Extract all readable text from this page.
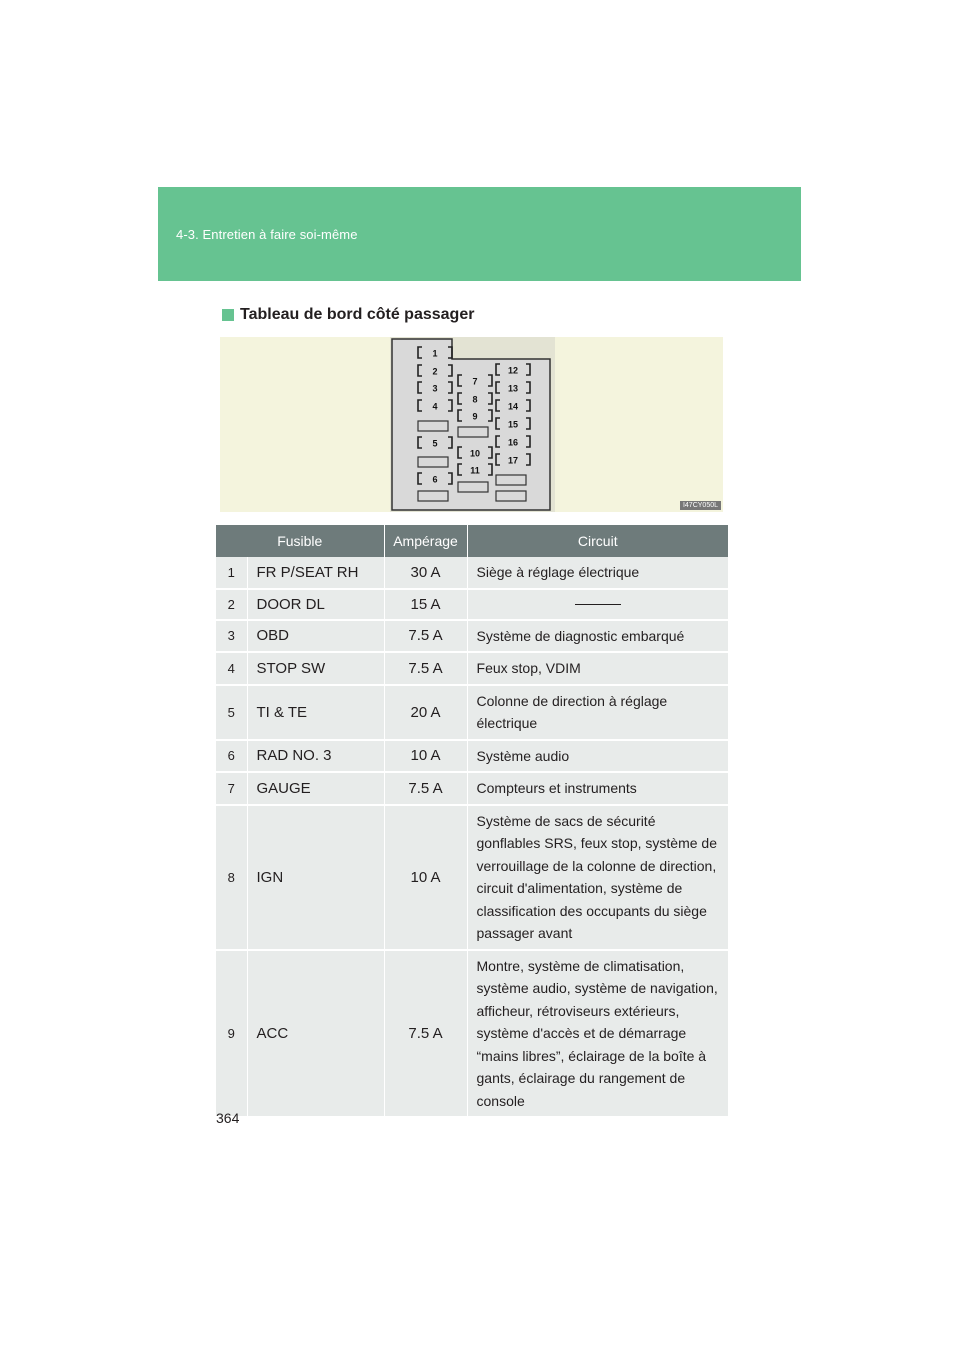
4-3. Entretien à faire soi-même
Tableau de bord côté passager
1
2
3
4
5
6
7
8
9
10
11
12
13
14
15
16
17
I47CY050L
Fusible		Ampérage	Circuit
1	FR P/SEAT RH	30 A	Siège à réglage électrique
2	DOOR DL	15 A	
3	OBD	7.5 A	Système de diagnostic embarqué
4	STOP SW	7.5 A	Feux stop, VDIM
5	TI & TE	20 A	Colonne de direction à réglage électrique
6	RAD NO. 3	10 A	Système audio
7	GAUGE	7.5 A	Compteurs et instruments
8	IGN	10 A	Système de sacs de sécurité gonflables SRS, feux stop, système de verrouillage de la colonne de direction, circuit d'alimentation, système de classification des occupants du siège passager avant
9	ACC	7.5 A	Montre, système de climatisation, système audio, système de navigation, afficheur, rétroviseurs extérieurs, système d'accès et de démarrage “mains libres”, éclairage de la boîte à gants, éclairage du rangement de console
364
